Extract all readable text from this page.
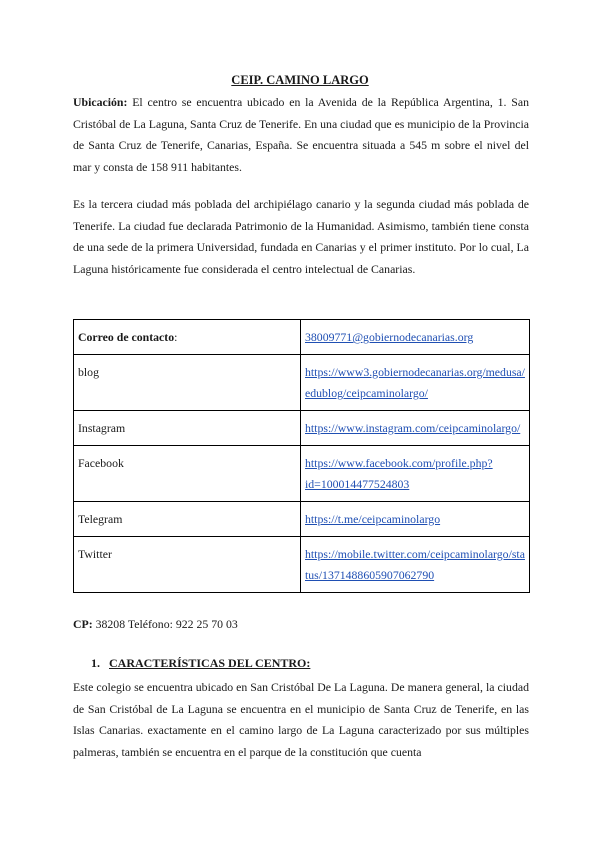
CEIP. CAMINO LARGO

Ubicación: El centro se encuentra ubicado en la Avenida de la República Argentina, 1. San Cristóbal de La Laguna, Santa Cruz de Tenerife. En una ciudad que es municipio de la Provincia de Santa Cruz de Tenerife, Canarias, España. Se encuentra situada a 545 m sobre el nivel del mar y consta de 158 911 habitantes.

Es la tercera ciudad más poblada del archipiélago canario y la segunda ciudad más poblada de Tenerife. La ciudad fue declarada Patrimonio de la Humanidad. Asimismo, también tiene consta de una sede de la primera Universidad, fundada en Canarias y el primer instituto. Por lo cual, La Laguna históricamente fue considerada el centro intelectual de Canarias.

Correo de contacto:	38009771@gobiernodecanarias.org
blog	https://www3.gobiernodecanarias.org/medusa/edublog/ceipcaminolargo/
Instagram	https://www.instagram.com/ceipcaminolargo/
Facebook	https://www.facebook.com/profile.php?id=100014477524803
Telegram	https://t.me/ceipcaminolargo
Twitter	https://mobile.twitter.com/ceipcaminolargo/status/1371488605907062790

CP: 38208 Teléfono: 922 25 70 03

1. CARACTERÍSTICAS DEL CENTRO:

Este colegio se encuentra ubicado en San Cristóbal De La Laguna. De manera general, la ciudad de San Cristóbal de La Laguna se encuentra en el municipio de Santa Cruz de Tenerife, en las Islas Canarias. exactamente en el camino largo de La Laguna caracterizado por sus múltiples palmeras, también se encuentra en el parque de la constitución que cuenta
